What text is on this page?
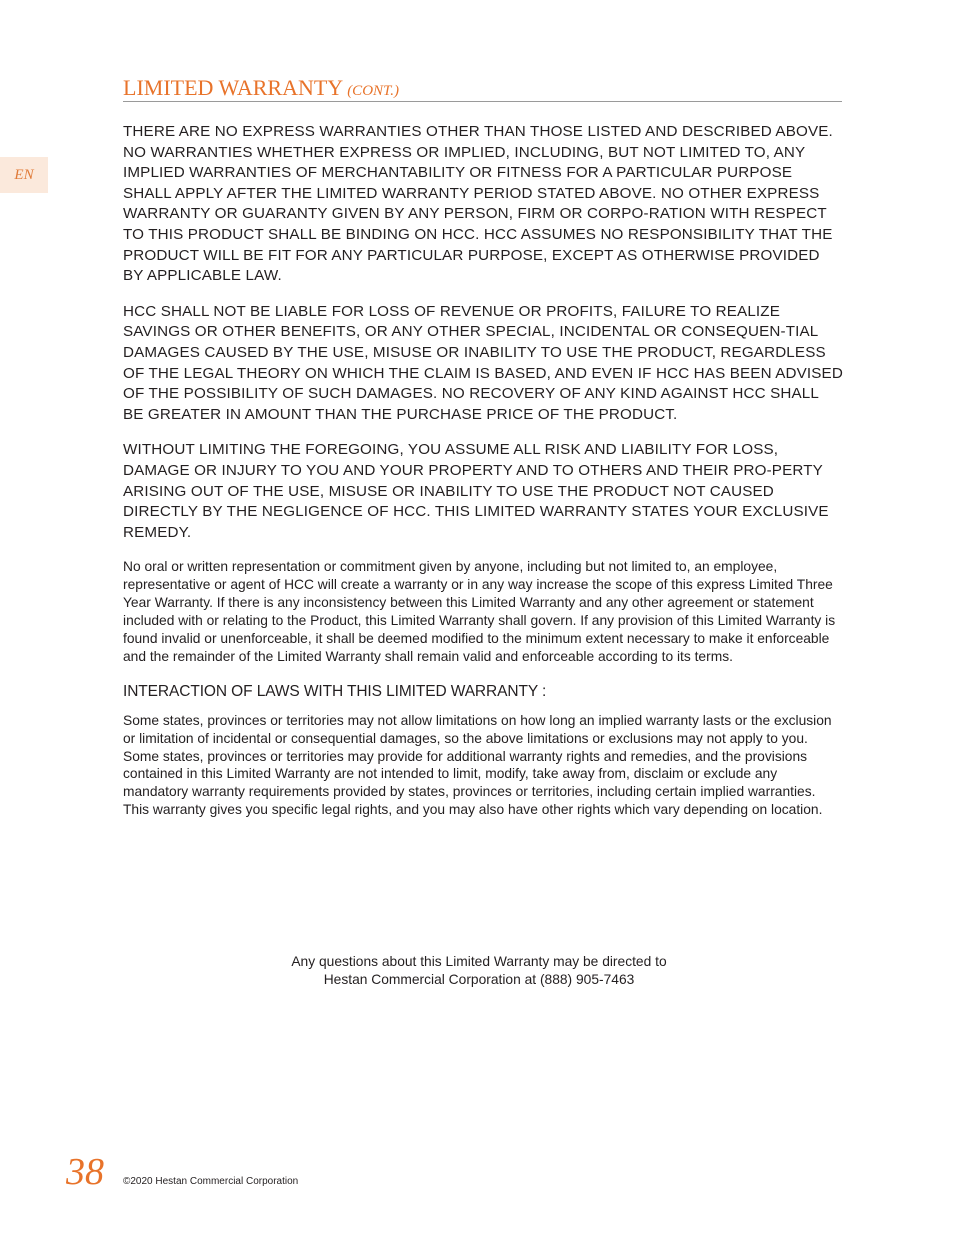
EN
LIMITED WARRANTY (CONT.)

THERE ARE NO EXPRESS WARRANTIES OTHER THAN THOSE LISTED AND DESCRIBED ABOVE. NO WARRANTIES WHETHER EXPRESS OR IMPLIED, INCLUDING, BUT NOT LIMITED TO, ANY IMPLIED WARRANTIES OF MERCHANTABILITY OR FITNESS FOR A PARTICULAR PURPOSE SHALL APPLY AFTER THE LIMITED WARRANTY PERIOD STATED ABOVE. NO OTHER EXPRESS WARRANTY OR GUARANTY GIVEN BY ANY PERSON, FIRM OR CORPO-RATION WITH RESPECT TO THIS PRODUCT SHALL BE BINDING ON HCC. HCC ASSUMES NO RESPONSIBILITY THAT THE PRODUCT WILL BE FIT FOR ANY PARTICULAR PURPOSE, EXCEPT AS OTHERWISE PROVIDED BY APPLICABLE LAW.

HCC SHALL NOT BE LIABLE FOR LOSS OF REVENUE OR PROFITS, FAILURE TO REALIZE SAVINGS OR OTHER BENEFITS, OR ANY OTHER SPECIAL, INCIDENTAL OR CONSEQUEN-TIAL DAMAGES CAUSED BY THE USE, MISUSE OR INABILITY TO USE THE PRODUCT, REGARDLESS OF THE LEGAL THEORY ON WHICH THE CLAIM IS BASED, AND EVEN IF HCC HAS BEEN ADVISED OF THE POSSIBILITY OF SUCH DAMAGES. NO RECOVERY OF ANY KIND AGAINST HCC SHALL BE GREATER IN AMOUNT THAN THE PURCHASE PRICE OF THE PRODUCT.

WITHOUT LIMITING THE FOREGOING, YOU ASSUME ALL RISK AND LIABILITY FOR LOSS, DAMAGE OR INJURY TO YOU AND YOUR PROPERTY AND TO OTHERS AND THEIR PRO-PERTY ARISING OUT OF THE USE, MISUSE OR INABILITY TO USE THE PRODUCT NOT CAUSED DIRECTLY BY THE NEGLIGENCE OF HCC. THIS LIMITED WARRANTY STATES YOUR EXCLUSIVE REMEDY.

No oral or written representation or commitment given by anyone, including but not limited to, an employee, representative or agent of HCC will create a warranty or in any way increase the scope of this express Limited Three Year Warranty. If there is any inconsistency between this Limited Warranty and any other agreement or statement included with or relating to the Product, this Limited Warranty shall govern. If any provision of this Limited Warranty is found invalid or unenforceable, it shall be deemed modified to the minimum extent necessary to make it enforceable and the remainder of the Limited Warranty shall remain valid and enforceable according to its terms.

INTERACTION OF LAWS WITH THIS LIMITED WARRANTY :

Some states, provinces or territories may not allow limitations on how long an implied warranty lasts or the exclusion or limitation of incidental or consequential damages, so the above limitations or exclusions may not apply to you. Some states, provinces or territories may provide for additional warranty rights and remedies, and the provisions contained in this Limited Warranty are not intended to limit, modify, take away from, disclaim or exclude any mandatory warranty requirements provided by states, provinces or territories, including certain implied warranties. This warranty gives you specific legal rights, and you may also have other rights which vary depending on location.

Any questions about this Limited Warranty may be directed to
Hestan Commercial Corporation at (888) 905-7463
38 ©2020 Hestan Commercial Corporation
